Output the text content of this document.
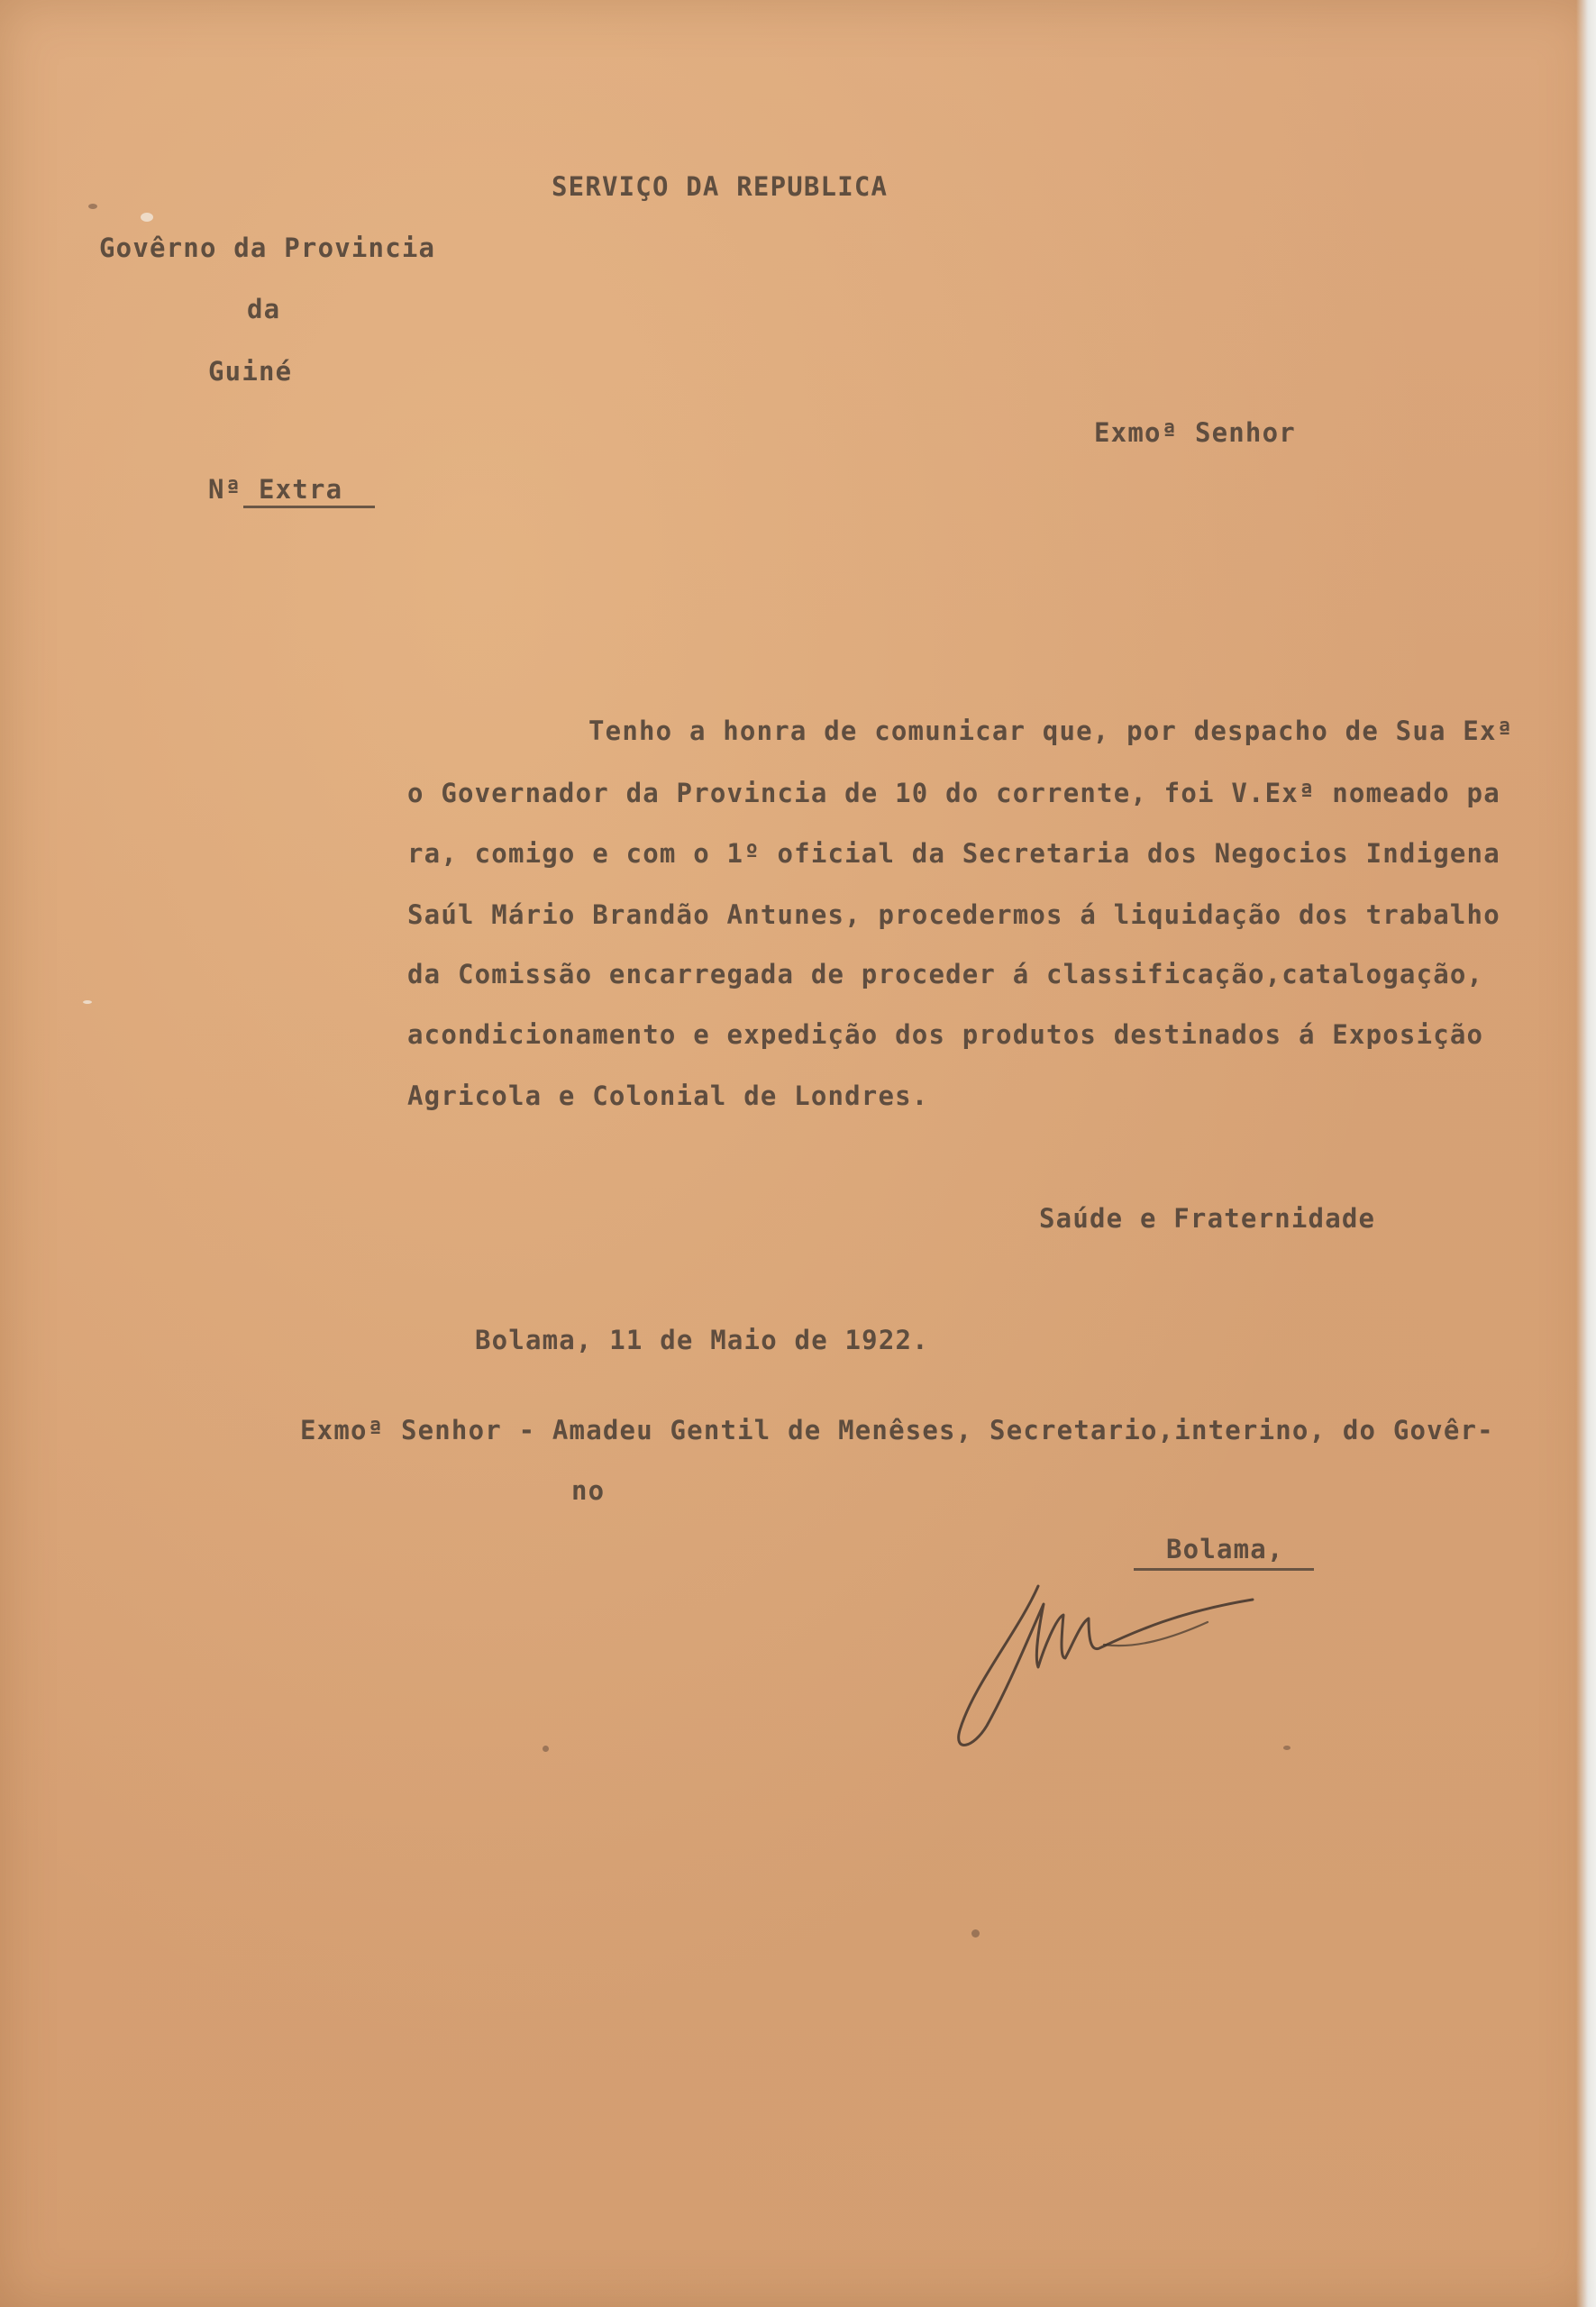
SERVIÇO DA REPUBLICA
Govêrno da Provincia
da
Guiné
Exmoª Senhor
Nª Extra
Tenho a honra de comunicar que, por despacho de Sua Exª
o Governador da Provincia de 10 do corrente, foi V.Exª nomeado pa
ra, comigo e com o 1º oficial da Secretaria dos Negocios Indigena
Saúl Mário Brandão Antunes, procedermos á liquidação dos trabalho
da Comissão encarregada de proceder á classificação,catalogação,
acondicionamento e expedição dos produtos destinados á Exposição
Agricola e Colonial de Londres.
Saúde e Fraternidade
Bolama, 11 de Maio de 1922.
Exmoª Senhor - Amadeu Gentil de Menêses, Secretario,interino, do Govêr-
no
Bolama,
